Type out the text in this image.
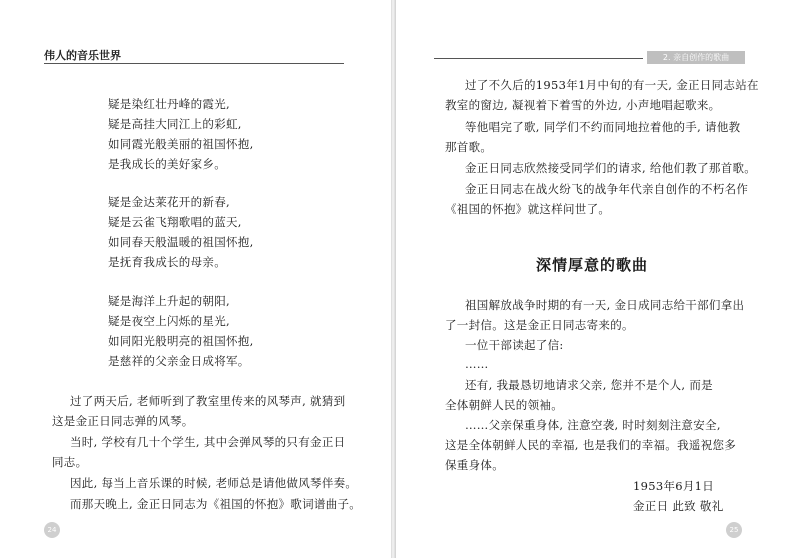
伟人的音乐世界
疑是染红壮丹峰的霞光,
疑是高挂大同江上的彩虹,
如同霞光般美丽的祖国怀抱,
是我成长的美好家乡。
疑是金达莱花开的新春,
疑是云雀飞翔歌唱的蓝天,
如同春天般温暖的祖国怀抱,
是抚育我成长的母亲。
疑是海洋上升起的朝阳,
疑是夜空上闪烁的星光,
如同阳光般明亮的祖国怀抱,
是慈祥的父亲金日成将军。
过了两天后, 老师听到了教室里传来的风琴声, 就猜到
这是金正日同志弹的风琴。
当时, 学校有几十个学生, 其中会弹风琴的只有金正日
同志。
因此, 每当上音乐课的时候, 老师总是请他做风琴伴奏。
而那天晚上, 金正日同志为《祖国的怀抱》歌词谱曲子。
24
2. 亲自创作的歌曲
过了不久后的1953年1月中旬的有一天, 金正日同志站在
教室的窗边, 凝视着下着雪的外边, 小声地唱起歌来。
等他唱完了歌, 同学们不约而同地拉着他的手, 请他教
那首歌。
金正日同志欣然接受同学们的请求, 给他们教了那首歌。
金正日同志在战火纷飞的战争年代亲自创作的不朽名作
《祖国的怀抱》就这样问世了。
深情厚意的歌曲
祖国解放战争时期的有一天, 金日成同志给干部们拿出
了一封信。这是金正日同志寄来的。
一位干部读起了信:
……
还有, 我最恳切地请求父亲, 您并不是个人, 而是
全体朝鲜人民的领袖。
……父亲保重身体, 注意空袭, 时时刻刻注意安全,
这是全体朝鲜人民的幸福, 也是我们的幸福。我遥祝您多
保重身体。
1953年6月1日
金正日 此致 敬礼
25
